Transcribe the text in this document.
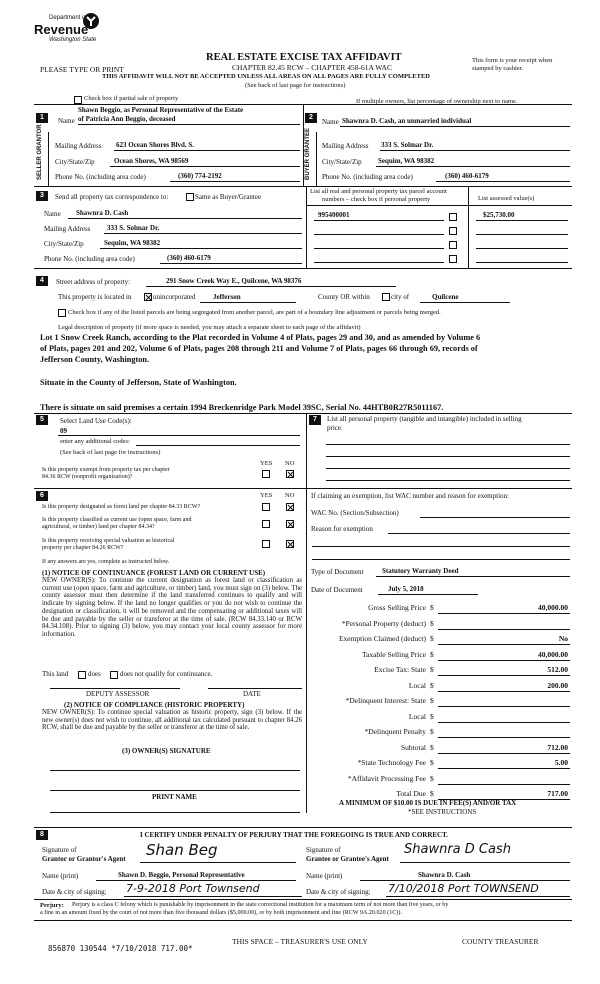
Department of
Revenue
Washington State
REAL ESTATE EXCISE TAX AFFIDAVIT
PLEASE TYPE OR PRINT	CHAPTER 82.45 RCW – CHAPTER 458-61A WAC
This form is your receipt when stamped by cashier.
THIS AFFIDAVIT WILL NOT BE ACCEPTED UNLESS ALL AREAS ON ALL PAGES ARE FULLY COMPLETED
(See back of last page for instructions)
Check box if partial sale of property	If multiple owners, list percentage of ownership next to name.
1	Name
Shawn Beggio, as Personal Representative of the Estate
of Patricia Ann Beggio, deceased
SELLER GRANTOR Mailing Address 623 Ocean Shores Blvd. S.
City/State/Zip	Ocean Shores, WA 98569
Phone No. (including area code)	(360) 774-2192
2
Name Shawnra D. Cash, an unmarried individual
BUYER GRANTEE Mailing Address 333 S. Solmar Dr.
City/State/Zip Sequim, WA 98382
Phone No. (including area code)	(360) 460-6179
3	Send all property tax correspondence to:	Same as Buyer/Grantee
Name Shawnra D. Cash
Mailing Address 333 S. Solmar Dr.
City/State/Zip	Sequim, WA 98382
Phone No. (including area code)	(360) 460-6179
List all real and personal property tax parcel account
numbers – check box if personal property	List assessed value(s)
995400001	$25,730.00
4	Street address of property:	291 Snow Creek Way E., Quilcene, WA 98376
This property is located in	unincorporated	Jefferson	County OR within	city of	Quilcene
Check box if any of the listed parcels are being segregated from another parcel, are part of a boundary line adjustment or parcels being merged.
Legal description of property (if more space is needed, you may attach a separate sheet to each page of the affidavit)
Lot 1 Snow Creek Ranch, according to the Plat recorded in Volume 4 of Plats, pages 29 and 30, and as amended by Volume 6
of Plats, pages 201 and 202, Volume 6 of Plats, pages 208 through 211 and Volume 7 of Plats, pages 66 through 69, records of
Jefferson County, Washington.
Situate in the County of Jefferson, State of Washington.
There is situate on said premises a certain 1994 Breckenridge Park Model 39SC, Serial No. 44HTB0R27R5011167.
5	Select Land Use Code(s):
09
enter any additional codes:
(See back of last page for instructions)
YES NO
Is this property exempt from property tax per chapter
84.36 RCW (nonprofit organization)?
7	List all personal property (tangible and intangible) included in selling
price.
6	YES NO
Is this property designated as forest land per chapter 84.33 RCW?
Is this property classified as current use (open space, farm and
agricultural, or timber) land per chapter 84.34?
Is this property receiving special valuation as historical
property per chapter 84.26 RCW?
If any answers are yes, complete as instructed below.
(1) NOTICE OF CONTINUANCE (FOREST LAND OR CURRENT USE)
NEW OWNER(S): To continue the current designation as forest land or classification as current use (open space, farm and agriculture, or timber) land, you must sign on (3) below. The county assessor must then determine if the land transferred continues to qualify and will indicate by signing below. If the land no longer qualifies or you do not wish to continue the designation or classification, it will be removed and the compensating or additional taxes will be due and payable by the seller or transferor at the time of sale. (RCW 84.33.140 or RCW 84.34.108). Prior to signing (3) below, you may contact your local county assessor for more information.
This land	does	does not qualify for continuance.
DEPUTY ASSESSOR	DATE
(2) NOTICE OF COMPLIANCE (HISTORIC PROPERTY)
NEW OWNER(S): To continue special valuation as historic property, sign (3) below. If the new owner(s) does not wish to continue, all additional tax calculated pursuant to chapter 84.26 RCW, shall be due and payable by the seller or transferor at the time of sale.
(3) OWNER(S) SIGNATURE
PRINT NAME
If claiming an exemption, list WAC number and reason for exemption:
WAC No. (Section/Subsection)
Reason for exemption
Type of Document	Statutory Warranty Deed
Date of Document	July 5, 2018
Gross Selling Price $	40,000.00
*Personal Property (deduct) $
Exemption Claimed (deduct) $	No
Taxable Selling Price $	40,000.00
Excise Tax: State $	512.00
Local $	200.00
*Delinquent Interest: State $
Local $
*Delinquent Penalty $
Subtotal $	712.00
*State Technology Fee $	5.00
*Affidavit Processing Fee $
Total Due $	717.00
A MINIMUM OF $10.00 IS DUE IN FEE(S) AND/OR TAX
*SEE INSTRUCTIONS
8	I CERTIFY UNDER PENALTY OF PERJURY THAT THE FOREGOING IS TRUE AND CORRECT.
Signature of
Grantor or Grantor's Agent Shan Beg
Name (print)	Shawn D. Beggio, Personal Representative
Date & city of signing: 7-9-2018 Port Townsend
Signature of
Grantee or Grantee's Agent
Shawnra D Cash
Name (print)	Shawnra D. Cash
Date & city of signing: 7/10/2018 Port TOWNSEND
Perjury: Perjury is a class C felony which is punishable by imprisonment in the state correctional institution for a maximum term of not more than five years, or by
a fine in an amount fixed by the court of not more than five thousand dollars ($5,000.00), or by both imprisonment and fine (RCW 9A.20.020 (1C)).
856870 130544 *7/10/2018 717.00*
THIS SPACE – TREASURER'S USE ONLY	COUNTY TREASURER
